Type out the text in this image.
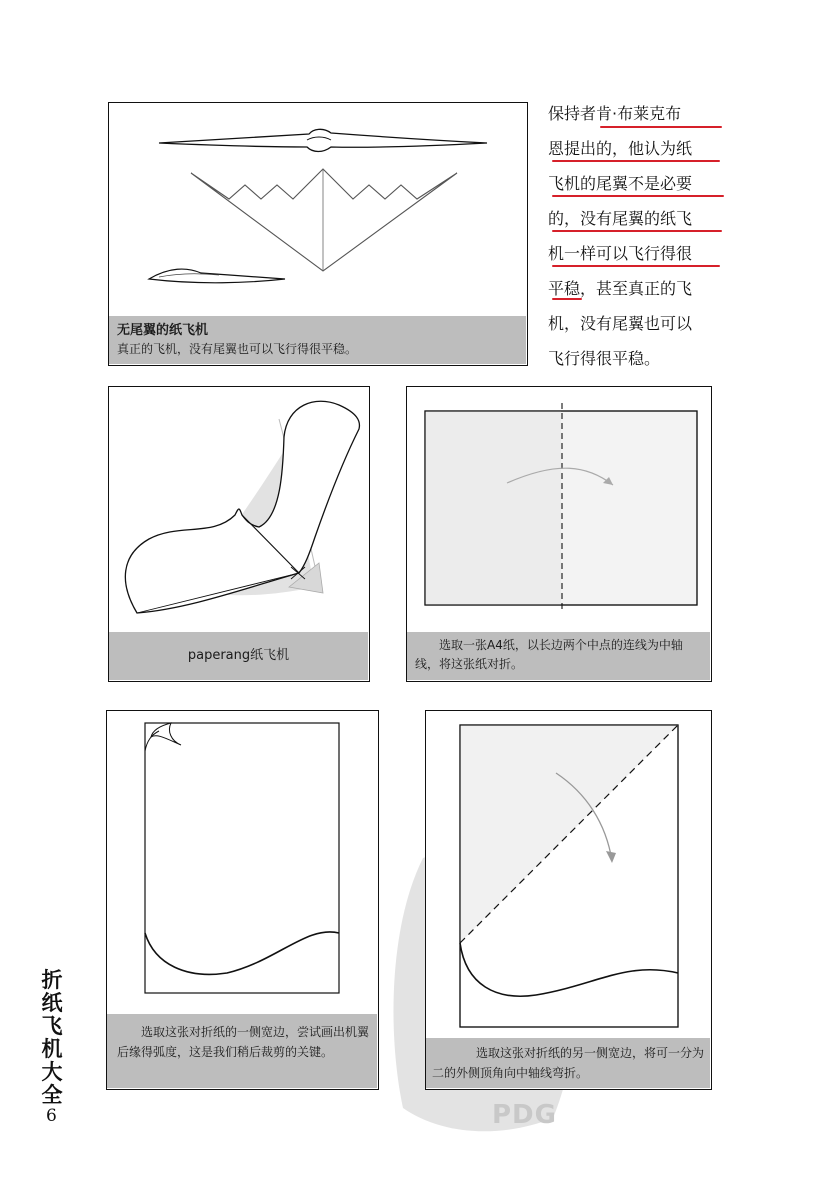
PDG
无尾翼的纸飞机
真正的飞机，没有尾翼也可以飞行得很平稳。
保持者肯·布莱克布
恩提出的，他认为纸
飞机的尾翼不是必要
的，没有尾翼的纸飞
机一样可以飞行得很
平稳，甚至真正的飞
机，没有尾翼也可以
飞行得很平稳。
paperang纸飞机
选取一张A4纸，以长边两个中点的连线为中轴线，将这张纸对折。
选取这张对折纸的一侧宽边，尝试画出机翼后缘得弧度，这是我们稍后裁剪的关键。	选取这张对折纸的另一侧宽边，将可一分为二的外侧顶角向中轴线弯折。
折纸飞机大全
6
